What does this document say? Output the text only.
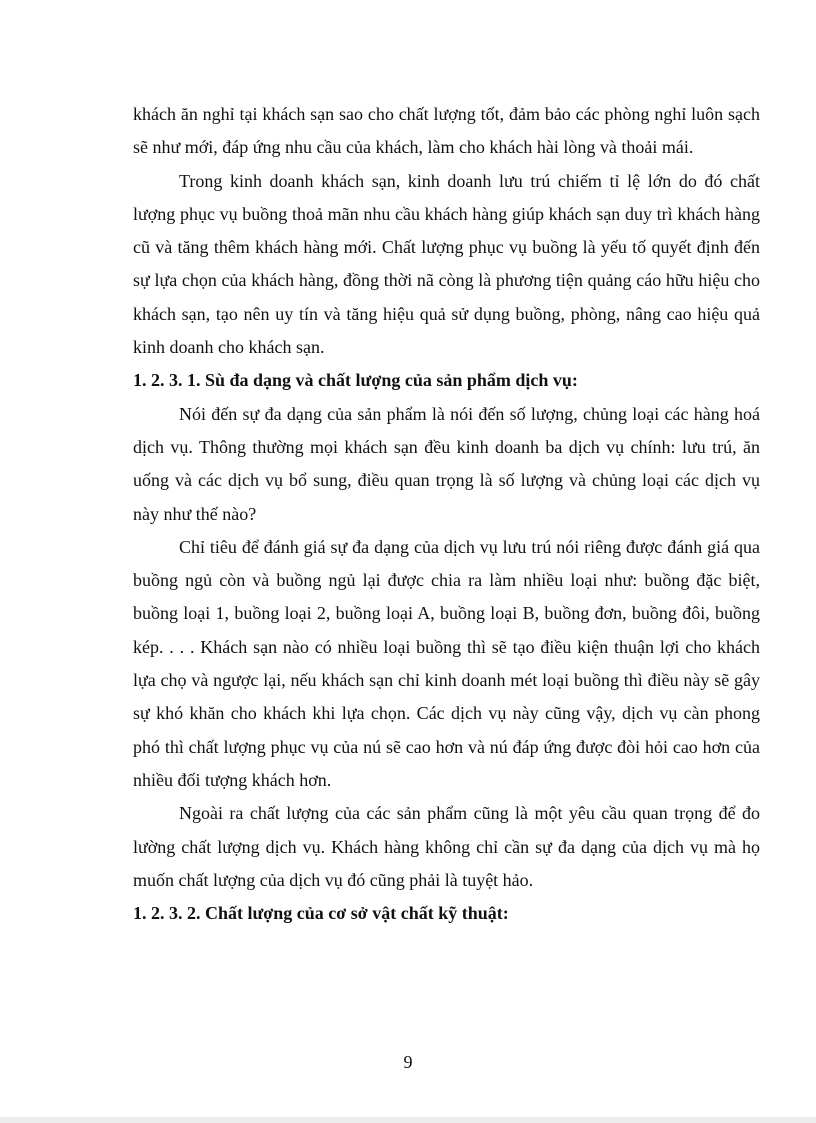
khách ăn nghỉ tại khách sạn sao cho chất lượng tốt, đảm bảo các phòng nghỉ luôn sạch sẽ như mới, đáp ứng nhu cầu của khách, làm cho khách hài lòng và thoải mái.

Trong kinh doanh khách sạn, kinh doanh lưu trú chiếm tỉ lệ lớn do đó chất lượng phục vụ buồng thoả mãn nhu cầu khách hàng giúp khách sạn duy trì khách hàng cũ và tăng thêm khách hàng mới. Chất lượng phục vụ buồng là yếu tố quyết định đến sự lựa chọn của khách hàng, đồng thời nã còng là phương tiện quảng cáo hữu hiệu cho khách sạn, tạo nên uy tín và tăng hiệu quả sử dụng buồng, phòng, nâng cao hiệu quả kinh doanh cho khách sạn.

1. 2. 3. 1. Sù đa dạng và chất lượng của sản phẩm dịch vụ:

Nói đến sự đa dạng của sản phẩm là nói đến số lượng, chủng loại các hàng hoá dịch vụ. Thông thường mọi khách sạn đều kinh doanh ba dịch vụ chính: lưu trú, ăn uống và các dịch vụ bổ sung, điều quan trọng là số lượng và chủng loại các dịch vụ này như thế nào?

Chỉ tiêu để đánh giá sự đa dạng của dịch vụ lưu trú nói riêng được đánh giá qua buồng ngủ còn và buồng ngủ lại được chia ra làm nhiều loại như: buồng đặc biệt, buồng loại 1, buồng loại 2, buồng loại A, buồng loại B, buồng đơn, buồng đôi, buồng kép. . . . Khách sạn nào có nhiều loại buồng thì sẽ tạo điều kiện thuận lợi cho khách lựa chọ và ngược lại, nếu khách sạn chỉ kinh doanh mét loại buồng thì điều này sẽ gây sự khó khăn cho khách khi lựa chọn. Các dịch vụ này cũng vậy, dịch vụ càn phong phó thì chất lượng phục vụ của nú sẽ cao hơn và nú đáp ứng được đòi hỏi cao hơn của nhiều đối tượng khách hơn.

Ngoài ra chất lượng của các sản phẩm cũng là một yêu cầu quan trọng để đo lường chất lượng dịch vụ. Khách hàng không chỉ cần sự đa dạng của dịch vụ mà họ muốn chất lượng của dịch vụ đó cũng phải là tuyệt hảo.

1. 2. 3. 2. Chất lượng của cơ sở vật chất kỹ thuật:

9
